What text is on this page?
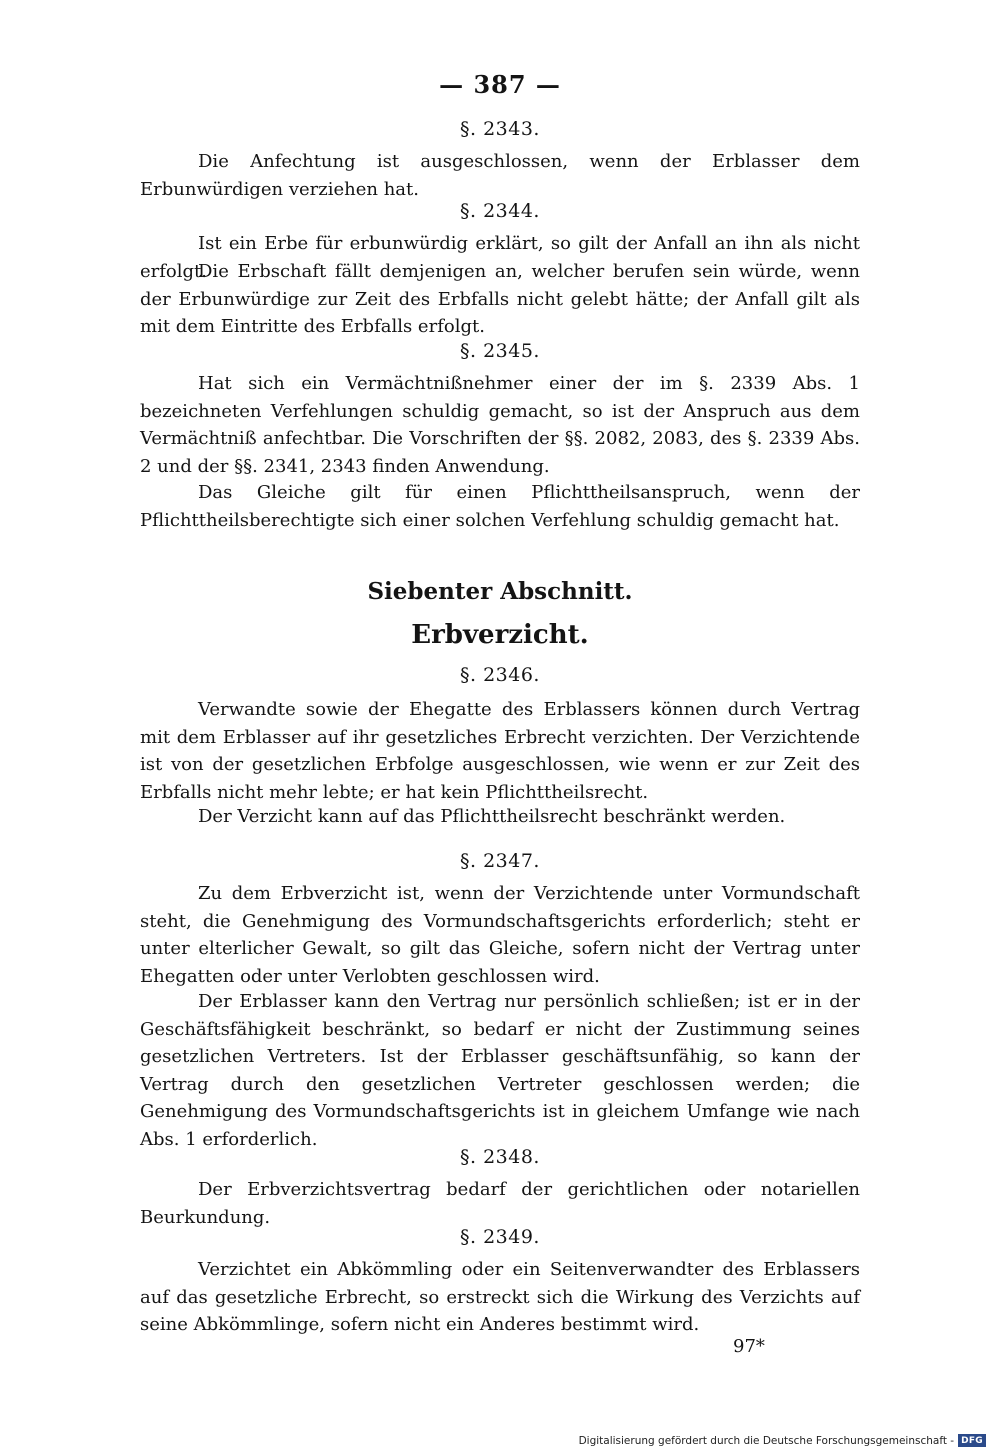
— 387 —
§. 2343.

Die Anfechtung ist ausgeschlossen, wenn der Erblasser dem Erbunwürdigen verziehen hat.

§. 2344.

Ist ein Erbe für erbunwürdig erklärt, so gilt der Anfall an ihn als nicht erfolgt.

Die Erbschaft fällt demjenigen an, welcher berufen sein würde, wenn der Erbunwürdige zur Zeit des Erbfalls nicht gelebt hätte; der Anfall gilt als mit dem Eintritte des Erbfalls erfolgt.

§. 2345.

Hat sich ein Vermächtnißnehmer einer der im §. 2339 Abs. 1 bezeichneten Verfehlungen schuldig gemacht, so ist der Anspruch aus dem Vermächtniß anfechtbar. Die Vorschriften der §§. 2082, 2083, des §. 2339 Abs. 2 und der §§. 2341, 2343 finden Anwendung.

Das Gleiche gilt für einen Pflichttheilsanspruch, wenn der Pflichttheilsberechtigte sich einer solchen Verfehlung schuldig gemacht hat.

Siebenter Abschnitt.
Erbverzicht.
§. 2346.

Verwandte sowie der Ehegatte des Erblassers können durch Vertrag mit dem Erblasser auf ihr gesetzliches Erbrecht verzichten. Der Verzichtende ist von der gesetzlichen Erbfolge ausgeschlossen, wie wenn er zur Zeit des Erbfalls nicht mehr lebte; er hat kein Pflichttheilsrecht.

Der Verzicht kann auf das Pflichttheilsrecht beschränkt werden.

§. 2347.

Zu dem Erbverzicht ist, wenn der Verzichtende unter Vormundschaft steht, die Genehmigung des Vormundschaftsgerichts erforderlich; steht er unter elterlicher Gewalt, so gilt das Gleiche, sofern nicht der Vertrag unter Ehegatten oder unter Verlobten geschlossen wird.

Der Erblasser kann den Vertrag nur persönlich schließen; ist er in der Geschäftsfähigkeit beschränkt, so bedarf er nicht der Zustimmung seines gesetzlichen Vertreters. Ist der Erblasser geschäftsunfähig, so kann der Vertrag durch den gesetzlichen Vertreter geschlossen werden; die Genehmigung des Vormundschaftsgerichts ist in gleichem Umfange wie nach Abs. 1 erforderlich.

§. 2348.

Der Erbverzichtsvertrag bedarf der gerichtlichen oder notariellen Beurkundung.

§. 2349.

Verzichtet ein Abkömmling oder ein Seitenverwandter des Erblassers auf das gesetzliche Erbrecht, so erstreckt sich die Wirkung des Verzichts auf seine Abkömmlinge, sofern nicht ein Anderes bestimmt wird.

97*
Digitalisierung gefördert durch die Deutsche Forschungsgemeinschaft - DFG
